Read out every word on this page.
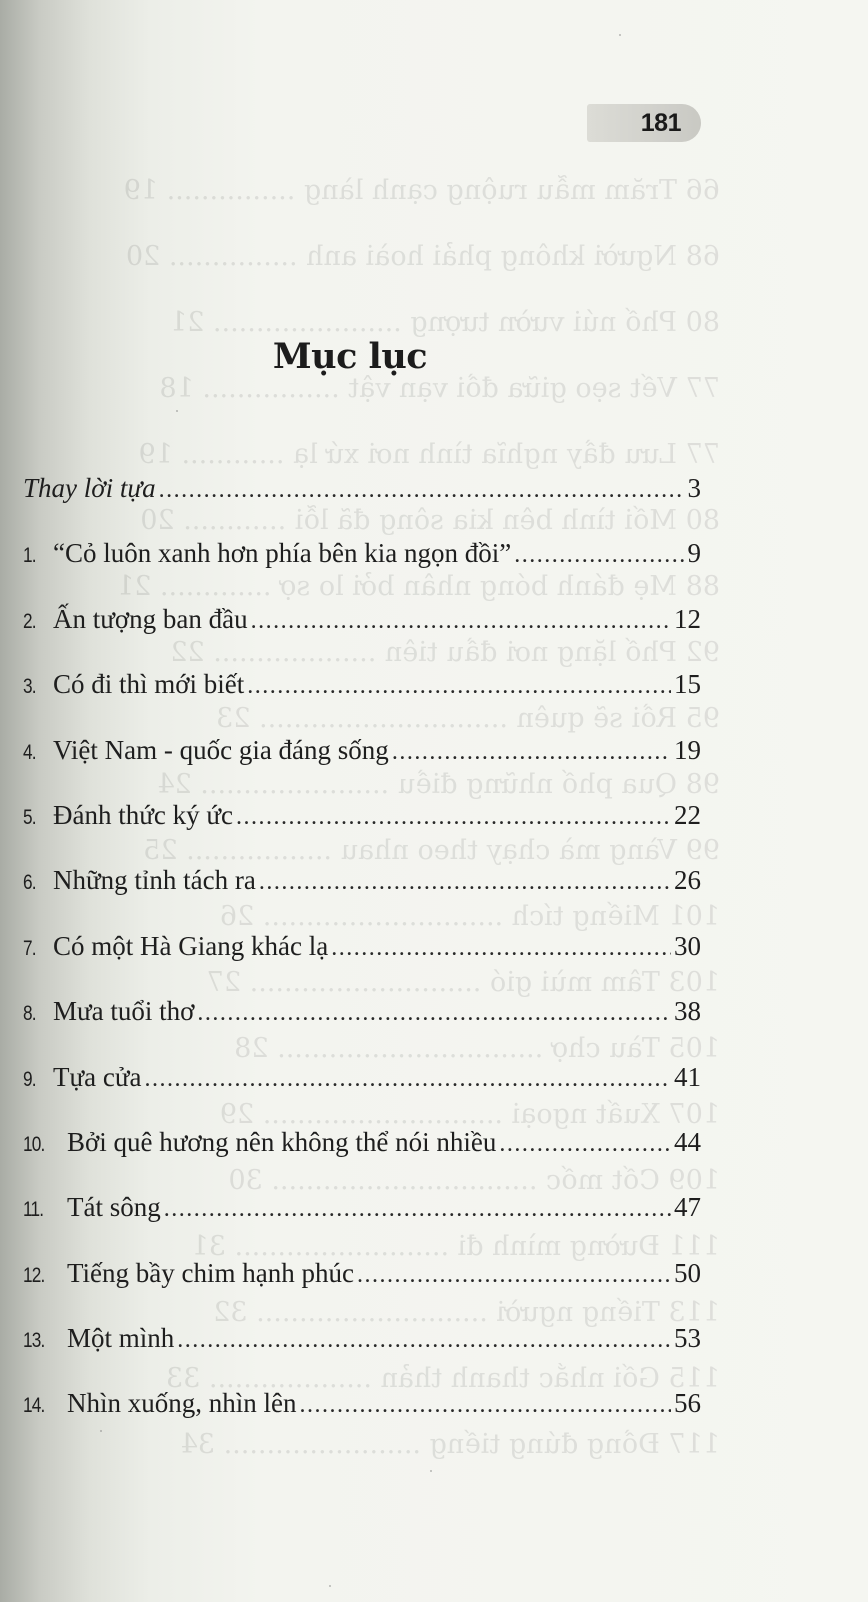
66 Trăm mẫu ruộng cạnh làng ............... 19
68 Người không phải hoài anh ............... 20
80 Phố núi vườn tượng ...................... 21
77 Vết sẹo giữa đồi vạn vật ................ 18
77 Lưu đầy nghĩa tình nơi xứ lạ ............ 19
80 Mối tình bên kia sông đã lỗi ............ 20
88 Mẹ đánh bóng nhân bởi lo sợ ............. 21
92 Phố lặng nơi đầu tiên ................... 22
95 Rồi sẽ quên ............................. 23
98 Qua phố những điều ...................... 24
99 Vàng mà chạy theo nhau ................. 25
101 Miếng tích ............................ 26
103 Tâm mùi gió ........................... 27
105 Tàu chợ ............................... 28
107 Xuất ngoại ............................ 29
109 Cốt mốc ............................... 30
111 Đường mình đi ......................... 31
113 Tiếng người ........................... 32
115 Gối nhắc thanh thản ................... 33
117 Đồng đúng tiếng ....................... 34
181
Mục lục
Thay lời tựa .....	3
1. “Cỏ luôn xanh hơn phía bên kia ngọn đồi” .....	9
2. Ấn tượng ban đầu .....	12
3. Có đi thì mới biết .....	15
4. Việt Nam - quốc gia đáng sống .....	19
5. Đánh thức ký ức .....	22
6. Những tỉnh tách ra .....	26
7. Có một Hà Giang khác lạ .....	30
8. Mưa tuổi thơ .....	38
9. Tựa cửa .....	41
10. Bởi quê hương nên không thể nói nhiều .....	44
11. Tát sông .....	47
12. Tiếng bầy chim hạnh phúc .....	50
13. Một mình .....	53
14. Nhìn xuống, nhìn lên .....	56
